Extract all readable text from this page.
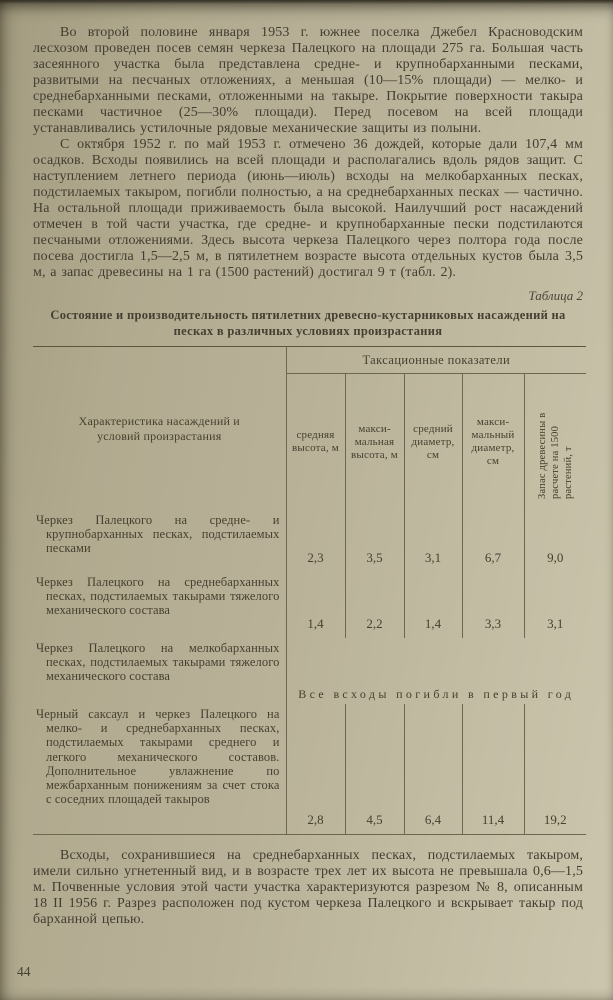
Во второй половине января 1953 г. южнее поселка Джебел Красноводским лесхозом проведен посев семян черкеза Палецкого на площади 275 га. Большая часть засеянного участка была представлена средне- и крупнобарханными песками, развитыми на песчаных отложениях, а меньшая (10—15% площади) — мелко- и среднебарханными песками, отложенными на такыре. Покрытие поверхности такыра песками частичное (25—30% площади). Перед посевом на всей площади устанавливались устилочные рядовые механические защиты из полыни.

С октября 1952 г. по май 1953 г. отмечено 36 дождей, которые дали 107,4 мм осадков. Всходы появились на всей площади и располагались вдоль рядов защит. С наступлением летнего периода (июнь—июль) всходы на мелкобарханных песках, подстилаемых такыром, погибли полностью, а на среднебарханных песках — частично. На остальной площади приживаемость была высокой. Наилучший рост насаждений отмечен в той части участка, где средне- и крупнобарханные пески подстилаются песчаными отложениями. Здесь высота черкеза Палецкого через полтора года после посева достигла 1,5—2,5 м, в пятилетнем возрасте высота отдельных кустов была 3,5 м, а запас древесины на 1 га (1500 растений) достигал 9 т (табл. 2).

Таблица 2
Состояние и производительность пятилетних древесно-кустарниковых насаждений на песках в различных условиях произрастания
Характеристика насаждений и условий произрастания	Таксационные показатели				
	средняя высота, м	максимальная высота, м	средний диаметр, см	максимальный диаметр, см	Запас древесины в расчете на 1500 растений, т
Черкез Палецкого на средне- и крупнобарханных песках, подстилаемых песками	2,3	3,5	3,1	6,7	9,0
Черкез Палецкого на среднебарханных песках, подстилаемых такырами тяжелого механического состава	1,4	2,2	1,4	3,3	3,1
Черкез Палецкого на мелкобарханных песках, подстилаемых такырами тяжелого механического состава	Все всходы погибли в первый год				
Черный саксаул и черкез Палецкого на мелко- и среднебарханных песках, подстилаемых такырами среднего и легкого механического составов. Дополнительное увлажнение по межбарханным понижениям за счет стока с соседних площадей такыров	2,8	4,5	6,4	11,4	19,2

Всходы, сохранившиеся на среднебарханных песках, подстилаемых такыром, имели сильно угнетенный вид, и в возрасте трех лет их высота не превышала 0,6—1,5 м. Почвенные условия этой части участка характеризуются разрезом № 8, описанным 18 II 1956 г. Разрез расположен под кустом черкеза Палецкого и вскрывает такыр под барханной цепью.

44
